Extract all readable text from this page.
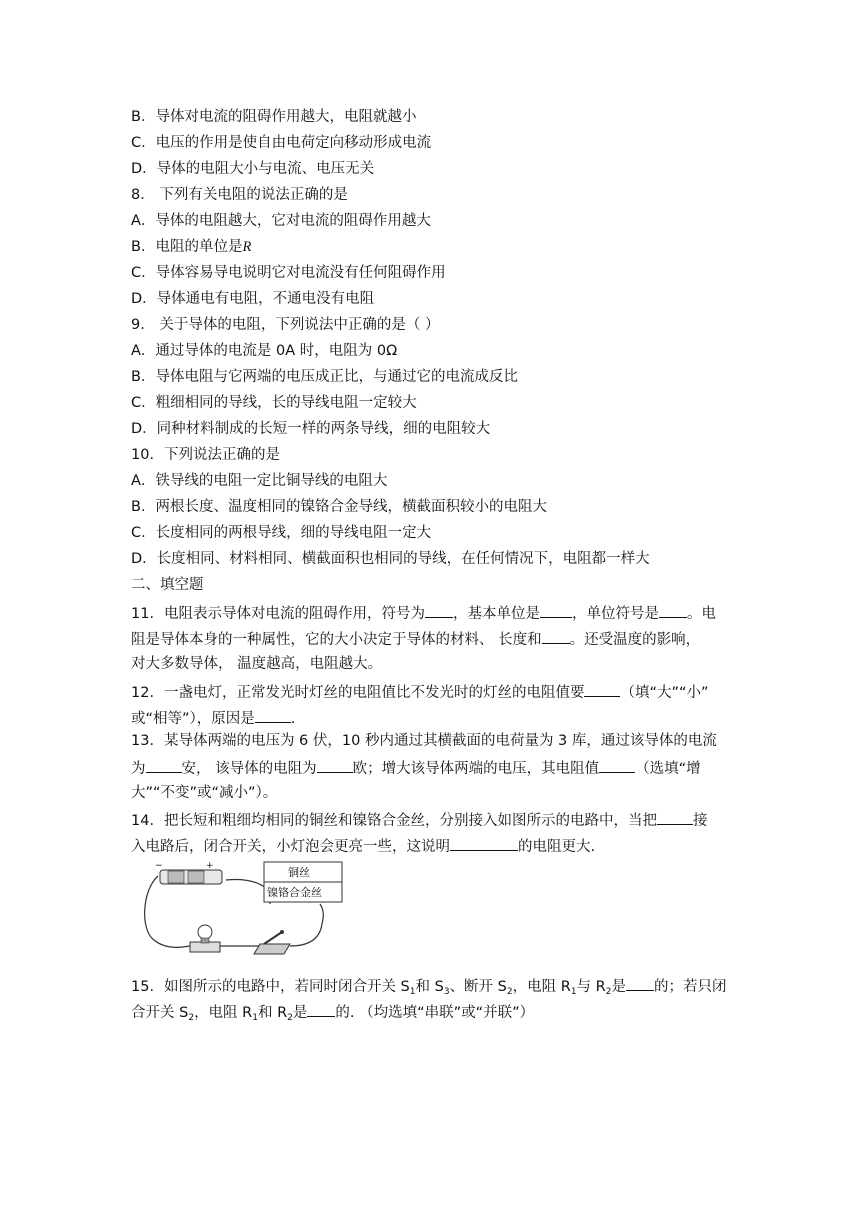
B．导体对电流的阻碍作用越大，电阻就越小
C．电压的作用是使自由电荷定向移动形成电流
D．导体的电阻大小与电流、电压无关
8． 下列有关电阻的说法正确的是
A．导体的电阻越大，它对电流的阻碍作用越大
B．电阻的单位是R
C．导体容易导电说明它对电流没有任何阻碍作用
D．导体通电有电阻，不通电没有电阻
9． 关于导体的电阻，下列说法中正确的是（ ）
A．通过导体的电流是 0A 时，电阻为 0Ω
B．导体电阻与它两端的电压成正比，与通过它的电流成反比
C．粗细相同的导线，长的导线电阻一定较大
D．同种材料制成的长短一样的两条导线，细的电阻较大
10．下列说法正确的是
A．铁导线的电阻一定比铜导线的电阻大
B．两根长度、温度相同的镍铬合金导线，横截面积较小的电阻大
C．长度相同的两根导线，细的导线电阻一定大
D．长度相同、材料相同、横截面积也相同的导线，在任何情况下，电阻都一样大
二、填空题
11．电阻表示导体对电流的阻碍作用，符号为 ，基本单位是 ，单位符号是 。电
阻是导体本身的一种属性，它的大小决定于导体的材料、 长度和 。还受温度的影响，
对大多数导体， 温度越高，电阻越大。
12．一盏电灯，正常发光时灯丝的电阻值比不发光时的灯丝的电阻值要 （填“大”“小”
或“相等”），原因是 .
13．某导体两端的电压为 6 伏，10 秒内通过其横截面的电荷量为 3 库，通过该导体的电流
为 安， 该导体的电阻为 欧；增大该导体两端的电压，其电阻值 （选填“增
大”“不变”或“减小”）。
14．把长短和粗细均相同的铜丝和镍铬合金丝，分别接入如图所示的电路中，当把 接
入电路后，闭合开关，小灯泡会更亮一些，这说明	的电阻更大.
−	+	铜丝
镍铬合金丝
15．如图所示的电路中，若同时闭合开关 $S_1$和 $S_3$、断开 $S_2$，电阻 $R_1$与 $R_2$是 的；若只闭
合开关 $S_2$，电阻 $R_1$和 $R_2$是 的. （均选填“串联”或“并联”）
